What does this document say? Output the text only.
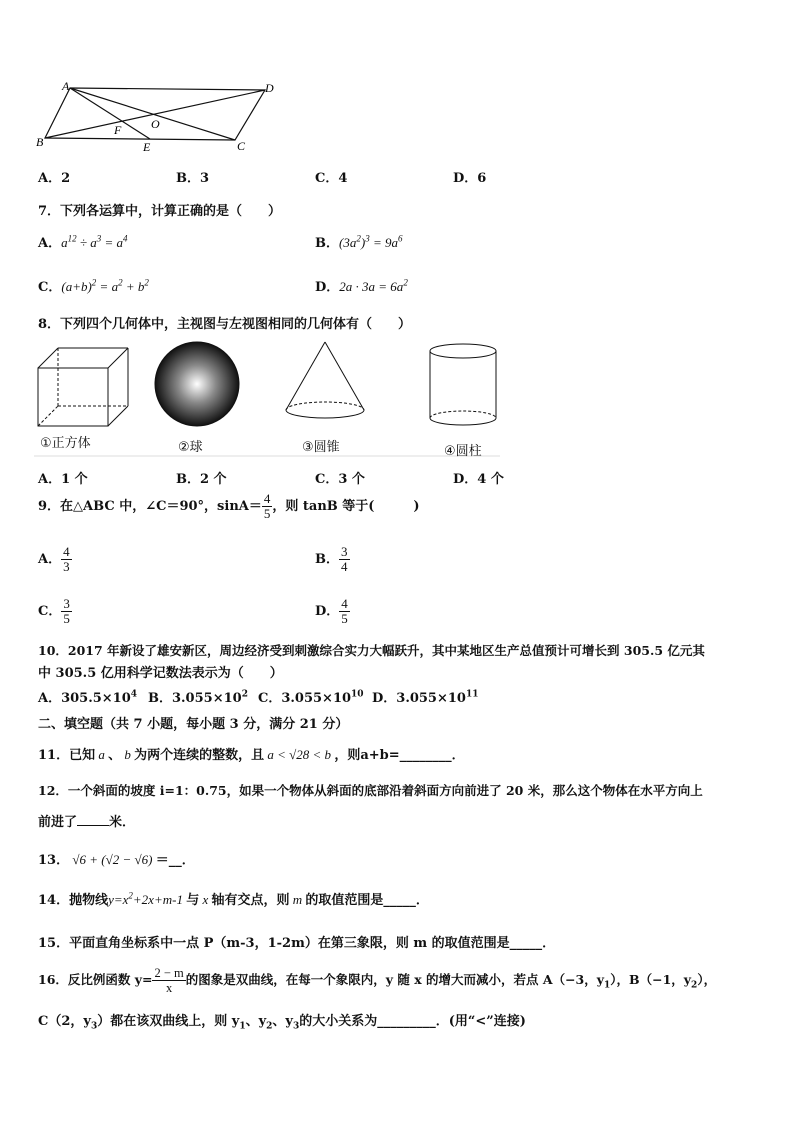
A	D
B	C
F O
E
A．2	B．3	C．4	D．6
7．下列各运算中，计算正确的是（　　）
A．$a^{12} \div a^3 = a^4$	B．$(3a^2)^3 = 9a^6$
C．$(a+b)^2 = a^2 + b^2$	D．$2a \cdot 3a = 6a^2$
8．下列四个几何体中，主视图与左视图相同的几何体有（　　）
①正方体	②球	③圆锥	④圆柱
A．1 个	B．2 个	C．3 个	D．4 个
9．在△ABC 中，∠C＝90°，$\sin A= \frac{4}{5}$ ，则 tanB 等于(　　　)
A． $\frac{4}{3}$	B． $\frac{3}{4}$
C． $\frac{3}{5}$	D． $\frac{4}{5}$
10．2017 年新设了雄安新区，周边经济受到刺激综合实力大幅跃升，其中某地区生产总值预计可增长到 305.5 亿元其
中 305.5 亿用科学记数法表示为（　　）
A．$305.5\times 10^4$ B．$3.055\times 10^2$ C．$3.055\times 10^{10}$ D．$3.055\times 10^{11}$
二、填空题（共 7 小题，每小题 3 分，满分 21 分）
11．已知 a 、 b 为两个连续的整数，且 a < √28 < b ，则a+b=________．
12．一个斜面的坡度 i=1：0.75，如果一个物体从斜面的底部沿着斜面方向前进了 20 米，那么这个物体在水平方向上
前进了 米．
13． √6 + (√2 − √6) ＝__．
14．抛物线$y=x^2+2x+m-1$ 与 x 轴有交点，则 m 的取值范围是_____．
15．平面直角坐标系中一点 P（m-3，1-2m）在第三象限，则 m 的取值范围是_____．
16．反比例函数 $y= \frac{2 - m}{x}$ 的图象是双曲线，在每一个象限内，y 随 x 的增大而减小，若点 A（−3，$y_1$），B（−1，$y_2$），
C（2，$y_3$）都在该双曲线上，则 $y_1$、$y_2$、$y_3$的大小关系为_________．(用“<”连接)
